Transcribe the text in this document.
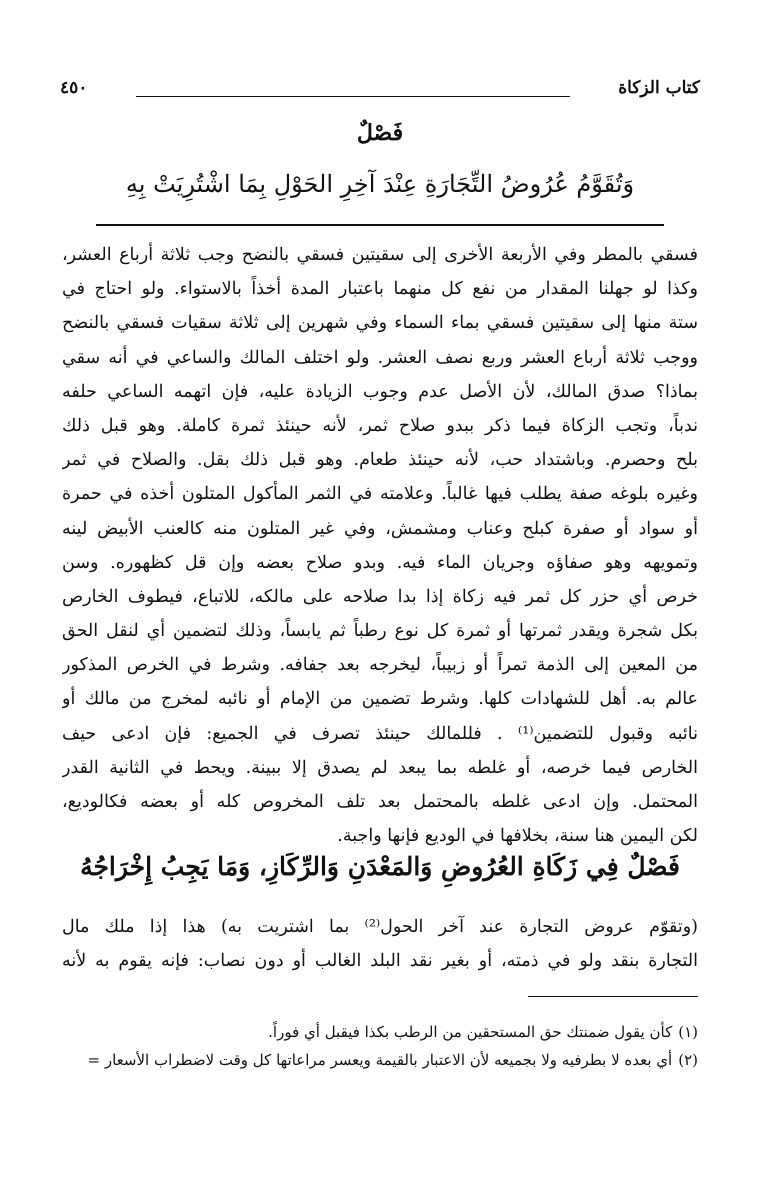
كتاب الزكاة
٤٥٠
فَصْلٌ
وَتُقَوَّمُ عُرُوضُ التِّجَارَةِ عِنْدَ آخِرِ الحَوْلِ بِمَا اشْتُرِيَتْ بِهِ
فسقي بالمطر وفي الأربعة الأخرى إلى سقيتين فسقي بالنضح وجب ثلاثة أرباع العشر،
وكذا لو جهلنا المقدار من نفع كل منهما باعتبار المدة أخذاً بالاستواء. ولو احتاج في
ستة منها إلى سقيتين فسقي بماء السماء وفي شهرين إلى ثلاثة سقيات فسقي بالنضح
ووجب ثلاثة أرباع العشر وربع نصف العشر. ولو اختلف المالك والساعي في أنه سقي
بماذا؟ صدق المالك، لأن الأصل عدم وجوب الزيادة عليه، فإن اتهمه الساعي حلفه
ندباً، وتجب الزكاة فيما ذكر ببدو صلاح ثمر، لأنه حينئذ ثمرة كاملة. وهو قبل ذلك
بلح وحصرم. وباشتداد حب، لأنه حينئذ طعام. وهو قبل ذلك بقل. والصلاح في ثمر
وغيره بلوغه صفة يطلب فيها غالباً. وعلامته في الثمر المأكول المتلون أخذه في حمرة
أو سواد أو صفرة كبلح وعناب ومشمش، وفي غير المتلون منه كالعنب الأبيض لينه
وتمويهه وهو صفاؤه وجريان الماء فيه. وبدو صلاح بعضه وإن قل كظهوره. وسن
خرص أي حزر كل ثمر فيه زكاة إذا بدا صلاحه على مالكه، للاتباع، فيطوف الخارص
بكل شجرة ويقدر ثمرتها أو ثمرة كل نوع رطباً ثم يابساً، وذلك لتضمين أي لنقل الحق
من المعين إلى الذمة تمراً أو زبيباً، ليخرجه بعد جفافه. وشرط في الخرص المذكور
عالم به. أهل للشهادات كلها. وشرط تضمين من الإمام أو نائبه لمخرج من مالك أو
نائبه وقبول للتضمين⁽¹⁾ . فللمالك حينئذ تصرف في الجميع: فإن ادعى حيف
الخارص فيما خرصه، أو غلطه بما يبعد لم يصدق إلا ببينة. ويحط في الثانية القدر
المحتمل. وإن ادعى غلطه بالمحتمل بعد تلف المخروص كله أو بعضه فكالوديع،
لكن اليمين هنا سنة، بخلافها في الوديع فإنها واجبة.
فَصْلٌ فِي زَكَاةِ العُرُوضِ وَالمَعْدَنِ وَالرِّكَازِ، وَمَا يَجِبُ إِخْرَاجُهُ
(وتقوّم عروض التجارة عند آخر الحول⁽²⁾ بما اشتريت به) هذا إذا ملك مال
التجارة بنقد ولو في ذمته، أو بغير نقد البلد الغالب أو دون نصاب: فإنه يقوم به لأنه
(١)كأن يقول ضمنتك حق المستحقين من الرطب بكذا فيقبل أي فوراً.
(٢)أي بعده لا بطرفيه ولا بجميعه لأن الاعتبار بالقيمة ويعسر مراعاتها كل وقت لاضطراب الأسعار =
